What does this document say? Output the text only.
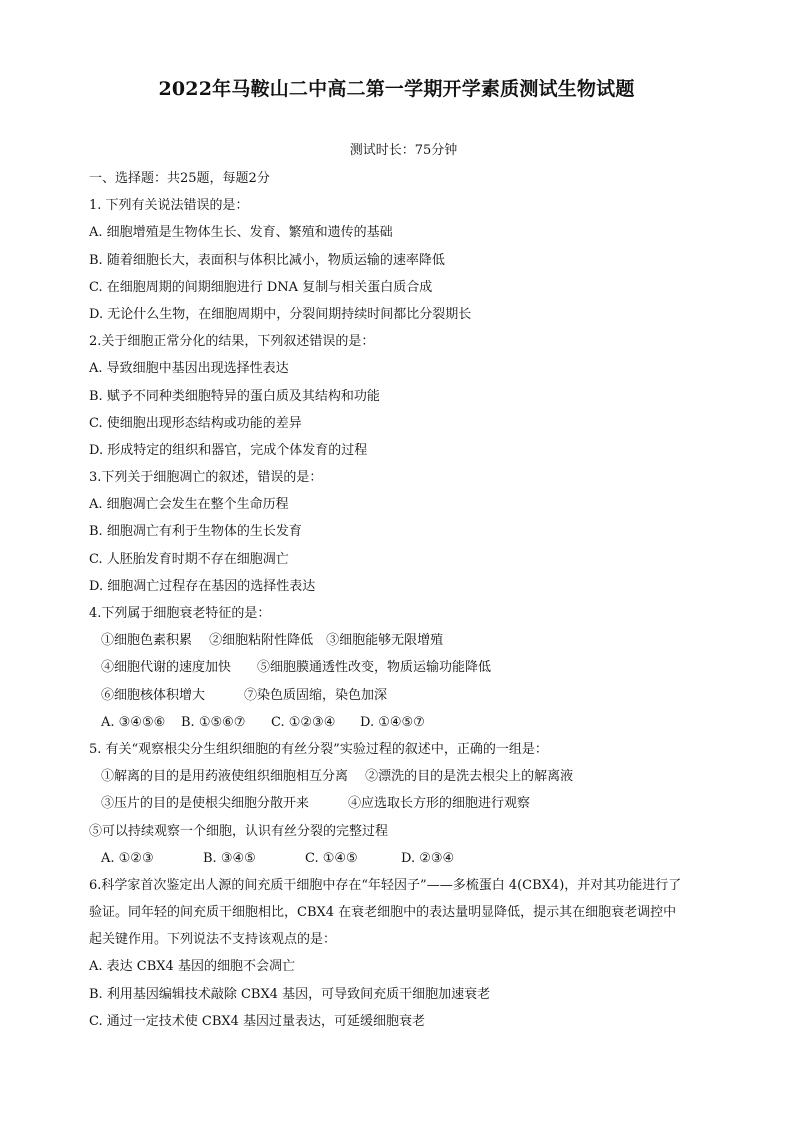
2022年马鞍山二中高二第一学期开学素质测试生物试题
测试时长：75分钟
一、选择题：共25题，每题2分
1. 下列有关说法错误的是：
A. 细胞增殖是生物体生长、发育、繁殖和遗传的基础
B. 随着细胞长大，表面积与体积比减小，物质运输的速率降低
C. 在细胞周期的间期细胞进行 DNA 复制与相关蛋白质合成
D. 无论什么生物，在细胞周期中，分裂间期持续时间都比分裂期长
2.关于细胞正常分化的结果，下列叙述错误的是：
A. 导致细胞中基因出现选择性表达
B. 赋予不同种类细胞特异的蛋白质及其结构和功能
C. 使细胞出现形态结构或功能的差异
D. 形成特定的组织和器官，完成个体发育的过程
3.下列关于细胞凋亡的叙述，错误的是：
A. 细胞凋亡会发生在整个生命历程
B. 细胞凋亡有利于生物体的生长发育
C. 人胚胎发育时期不存在细胞凋亡
D. 细胞凋亡过程存在基因的选择性表达
4.下列属于细胞衰老特征的是：
①细胞色素积累　 ②细胞粘附性降低　③细胞能够无限增殖
④细胞代谢的速度加快　　⑤细胞膜通透性改变，物质运输功能降低
⑥细胞核体积增大　　　⑦染色质固缩，染色加深
A. ③④⑤⑥	B. ①⑤⑥⑦	C. ①②③④	D. ①④⑤⑦
5. 有关“观察根尖分生组织细胞的有丝分裂”实验过程的叙述中，正确的一组是：
①解离的目的是用药液使组织细胞相互分离　 ②漂洗的目的是洗去根尖上的解离液
③压片的目的是使根尖细胞分散开来　　　④应选取长方形的细胞进行观察
⑤可以持续观察一个细胞，认识有丝分裂的完整过程
A. ①②③	B. ③④⑤	C. ①④⑤	D. ②③④
6.科学家首次鉴定出人源的间充质干细胞中存在“年轻因子”——多梳蛋白 4(CBX4)，并对其功能进行了
验证。同年轻的间充质干细胞相比，CBX4 在衰老细胞中的表达量明显降低，提示其在细胞衰老调控中
起关键作用。下列说法不支持该观点的是：
A. 表达 CBX4 基因的细胞不会凋亡
B. 利用基因编辑技术敲除 CBX4 基因，可导致间充质干细胞加速衰老
C. 通过一定技术使 CBX4 基因过量表达，可延缓细胞衰老
